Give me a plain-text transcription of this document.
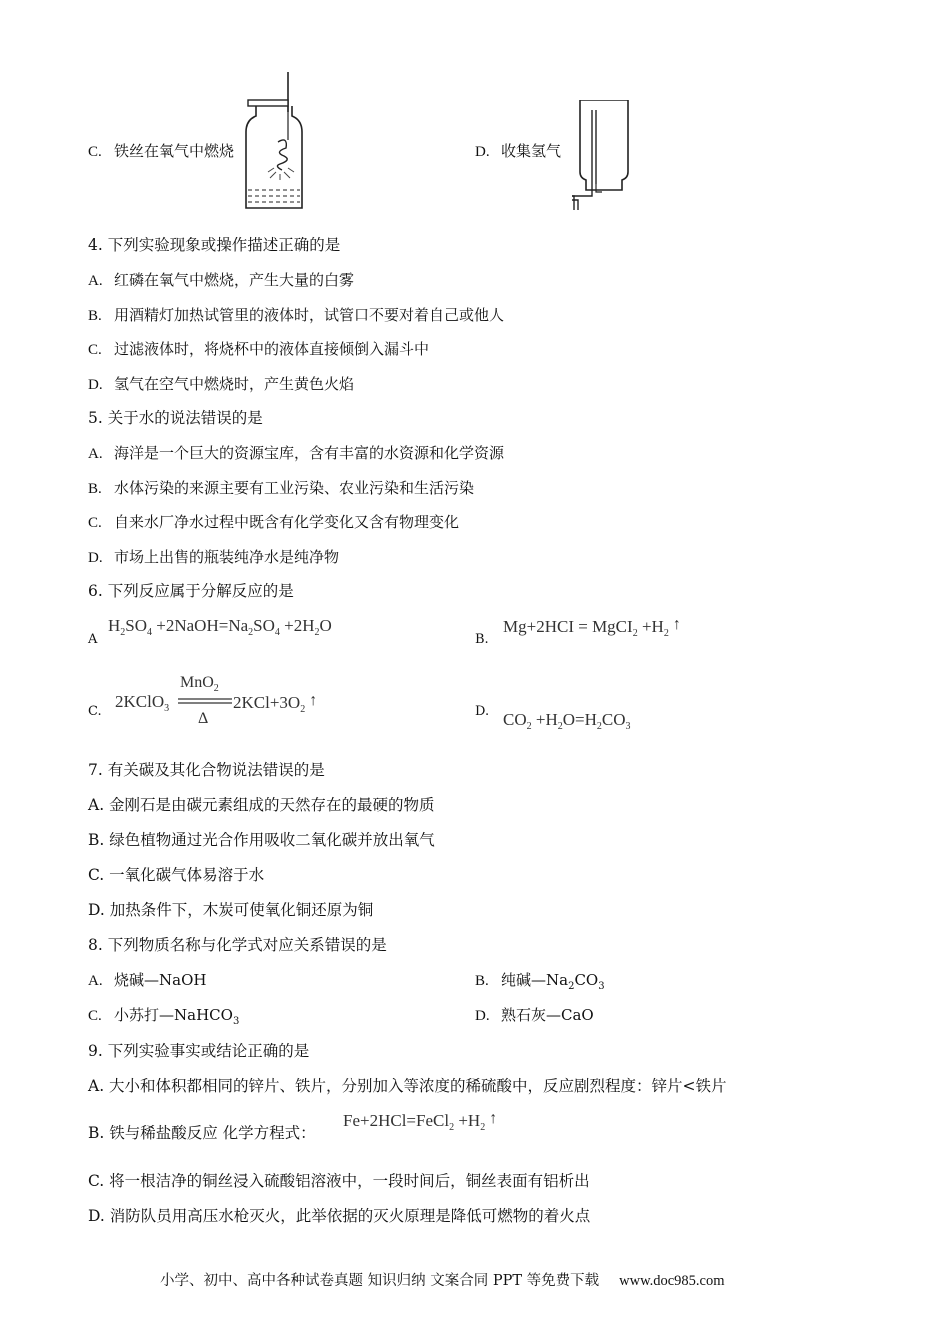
C. 铁丝在氧气中燃烧	D. 收集氢气
4. 下列实验现象或操作描述正确的是
A. 红磷在氧气中燃烧，产生大量的白雾
B. 用酒精灯加热试管里的液体时，试管口不要对着自己或他人
C. 过滤液体时，将烧杯中的液体直接倾倒入漏斗中
D. 氢气在空气中燃烧时，产生黄色火焰
5. 关于水的说法错误的是
A. 海洋是一个巨大的资源宝库，含有丰富的水资源和化学资源
B. 水体污染的来源主要有工业污染、农业污染和生活污染
C. 自来水厂净水过程中既含有化学变化又含有物理变化
D. 市场上出售的瓶装纯净水是纯净物
6. 下列反应属于分解反应的是
A
$H_2SO_4$ $+2NaOH=Na_2SO_4 +2H_2O$
B.
Mg+2HCI = MgCI$_2$ $+H_2$ ↑
C.
2KClO$_3$
MnO$_2$
Δ
$2KCl+3O_2$ ↑
D. $CO_2 +H_2O=H_2CO_3$
7. 有关碳及其化合物说法错误的是
A. 金刚石是由碳元素组成的天然存在的最硬的物质
B. 绿色植物通过光合作用吸收二氧化碳并放出氧气
C. 一氧化碳气体易溶于水
D. 加热条件下，木炭可使氧化铜还原为铜
8. 下列物质名称与化学式对应关系错误的是
A. 烧碱—NaOH	B. 纯碱$—Na_2CO_3$
C. 小苏打—NaHCO$_3$	D. 熟石灰—CaO
9. 下列实验事实或结论正确的是
A. 大小和体积都相同的锌片、铁片，分别加入等浓度的稀硫酸中，反应剧烈程度：锌片<铁片
B. 铁与稀盐酸反应 化学方程式：
Fe+2HCl=FeCl$_2$ $+H_2$ ↑
C. 将一根洁净的铜丝浸入硫酸铝溶液中，一段时间后，铜丝表面有铝析出
D. 消防队员用高压水枪灭火，此举依据的灭火原理是降低可燃物的着火点
小学、初中、高中各种试卷真题 知识归纳 文案合同 PPT 等免费下载 www.doc985.com
